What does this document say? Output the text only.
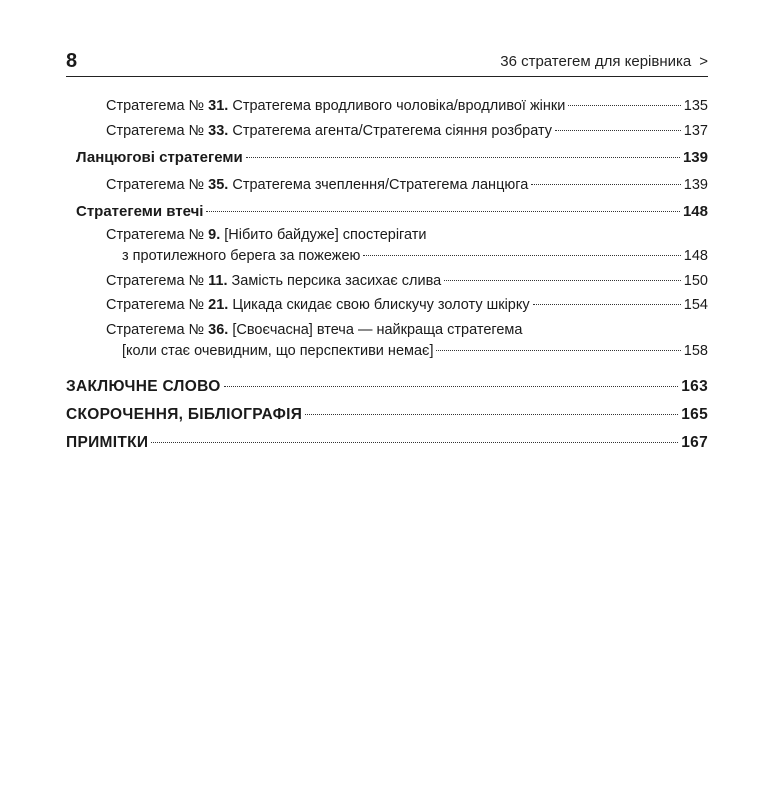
8	36 стратегем для керівника >
Стратегема № 31. Стратегема вродливого чоловіка/вродливої жінки	135
Стратегема № 33. Стратегема агента/Стратегема сіяння розбрату	137
Ланцюгові стратегеми	139
Стратегема № 35. Стратегема зчеплення/Стратегема ланцюга	139
Стратегеми втечі	148
Стратегема № 9. [Нібито байдуже] спостерігати
з протилежного берега за пожежею	148
Стратегема № 11. Замість персика засихає слива	150
Стратегема № 21. Цикада скидає свою блискучу золоту шкірку	154
Стратегема № 36. [Своєчасна] втеча — найкраща стратегема
[коли стає очевидним, що перспективи немає]	158
ЗАКЛЮЧНЕ СЛОВО	163
СКОРОЧЕННЯ, БІБЛІОГРАФІЯ	165
ПРИМІТКИ	167
